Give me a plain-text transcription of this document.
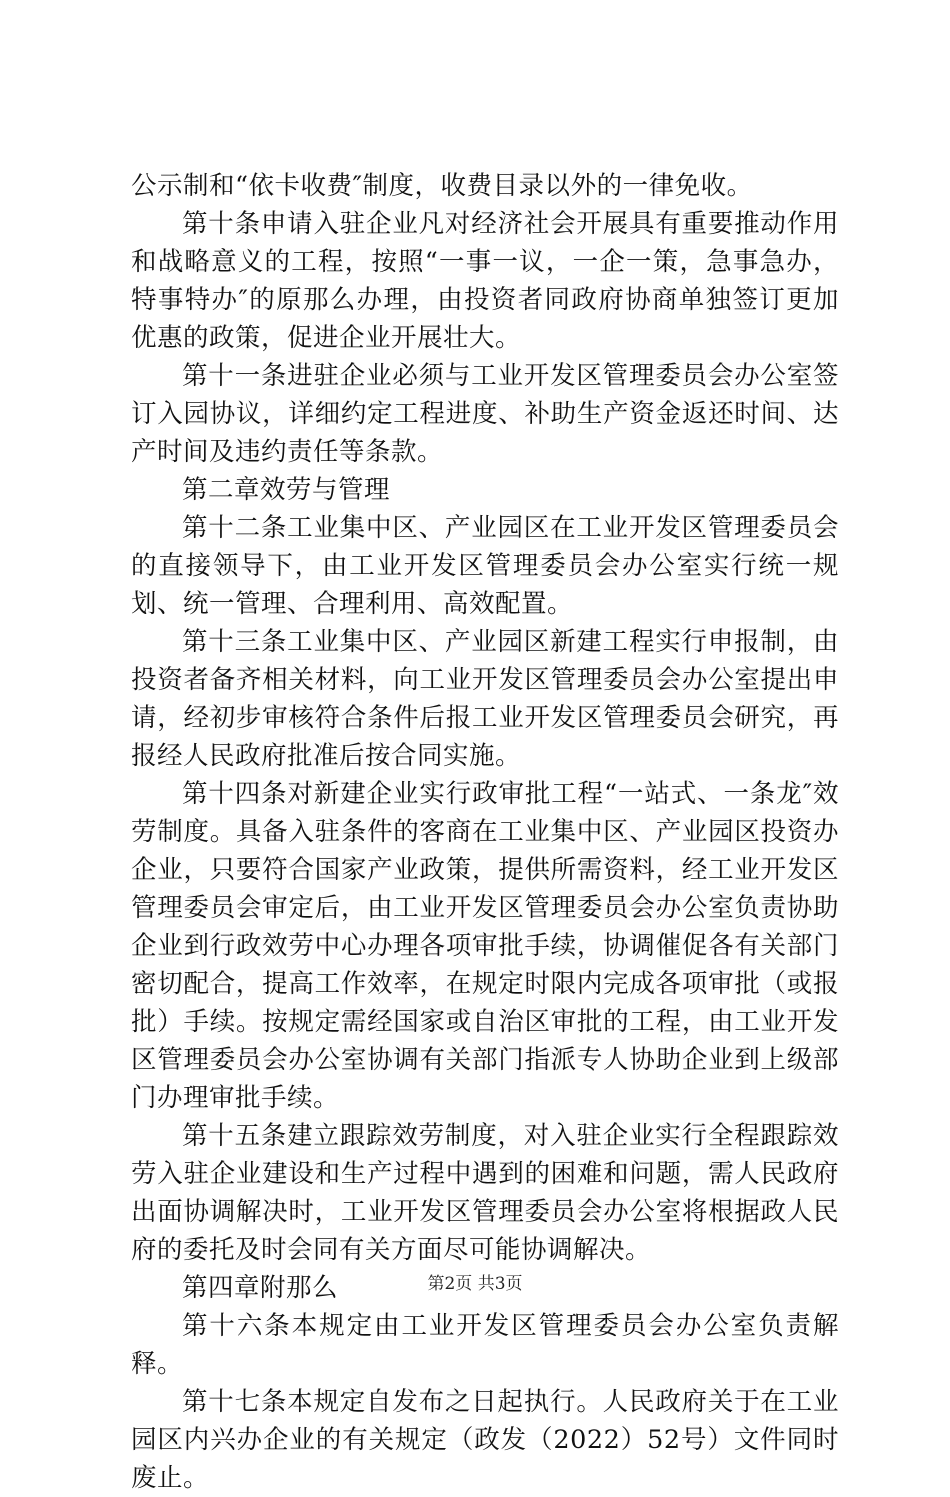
公示制和“依卡收费″制度，收费目录以外的一律免收。

第十条申请入驻企业凡对经济社会开展具有重要推动作用和战略意义的工程，按照“一事一议，一企一策，急事急办，特事特办″的原那么办理，由投资者同政府协商单独签订更加优惠的政策，促进企业开展壮大。

第十一条进驻企业必须与工业开发区管理委员会办公室签订入园协议，详细约定工程进度、补助生产资金返还时间、达产时间及违约责任等条款。

第二章效劳与管理

第十二条工业集中区、产业园区在工业开发区管理委员会的直接领导下，由工业开发区管理委员会办公室实行统一规划、统一管理、合理利用、高效配置。

第十三条工业集中区、产业园区新建工程实行申报制，由投资者备齐相关材料，向工业开发区管理委员会办公室提出申请，经初步审核符合条件后报工业开发区管理委员会研究，再报经人民政府批准后按合同实施。

第十四条对新建企业实行政审批工程“一站式、一条龙″效劳制度。具备入驻条件的客商在工业集中区、产业园区投资办企业，只要符合国家产业政策，提供所需资料，经工业开发区管理委员会审定后，由工业开发区管理委员会办公室负责协助企业到行政效劳中心办理各项审批手续，协调催促各有关部门密切配合，提高工作效率，在规定时限内完成各项审批（或报批）手续。按规定需经国家或自治区审批的工程，由工业开发区管理委员会办公室协调有关部门指派专人协助企业到上级部门办理审批手续。

第十五条建立跟踪效劳制度，对入驻企业实行全程跟踪效劳入驻企业建设和生产过程中遇到的困难和问题，需人民政府出面协调解决时，工业开发区管理委员会办公室将根据政人民府的委托及时会同有关方面尽可能协调解决。

第四章附那么

第十六条本规定由工业开发区管理委员会办公室负责解释。

第十七条本规定自发布之日起执行。人民政府关于在工业园区内兴办企业的有关规定（政发（2022）52号）文件同时废止。

第2页 共3页
